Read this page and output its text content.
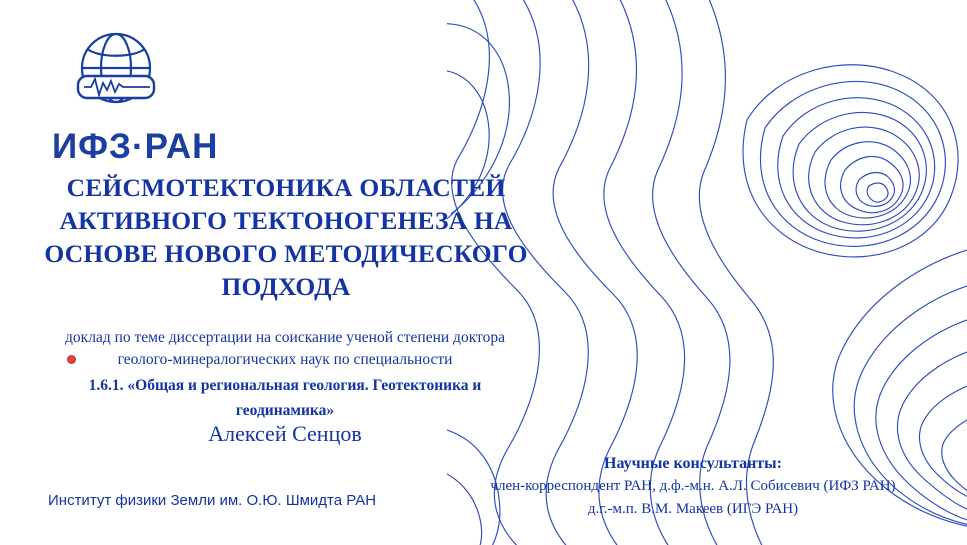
ИФЗ·РАН
СЕЙСМОТЕКТОНИКА ОБЛАСТЕЙ
АКТИВНОГО ТЕКТОНОГЕНЕЗА НА
ОСНОВЕ НОВОГО МЕТОДИЧЕСКОГО
ПОДХОДА
доклад по теме диссертации на соискание ученой степени доктора
геолого-минералогических наук по специальности
1.6.1. «Общая и региональная геология. Геотектоника и
геодинамика»
Алексей Сенцов
Институт физики Земли им. О.Ю. Шмидта РАН
Научные консультанты:
член-корреспондент РАН, д.ф.-м.н. А.Л. Собисевич (ИФЗ РАН)
д.г.-м.п. В.М. Макеев (ИГЭ РАН)
